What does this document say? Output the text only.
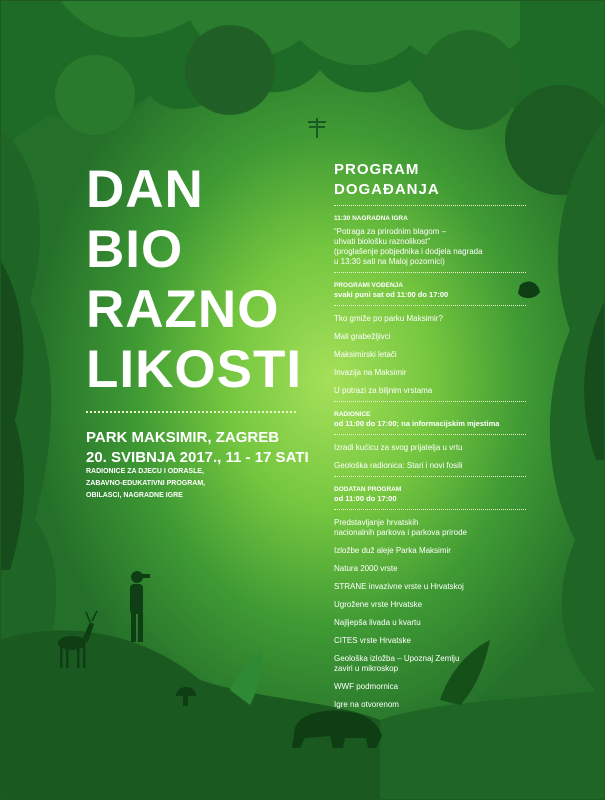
DAN
BIO
RAZNO
LIKOSTI
PARK MAKSIMIR, ZAGREB
20. SVIBNJA 2017., 11 - 17 SATI
RADIONICE ZA DJECU I ODRASLE,
ZABAVNO-EDUKATIVNI PROGRAM,
OBILASCI, NAGRADNE IGRE
PROGRAM
DOGAĐANJA
11:30 NAGRADNA IGRA
“Potraga za prirodnim blagom –
uhvati biološku raznolikost”
(proglašenje pobjednika i dodjela nagrada
u 13:30 sati na Maloj pozornici)
PROGRAMI VOĐENJA
svaki puni sat od 11:00 do 17:00
Tko gmiže po parku Maksimir?
Mali grabežljivci
Maksimirski letači
Invazija na Maksimir
U potrazi za biljnim vrstama
RADIONICE
od 11:00 do 17:00; na informacijskim mjestima
Izradi kućicu za svog prijatelja u vrtu
Geološka radionica: Stari i novi fosili
DODATAN PROGRAM
od 11:00 do 17:00
Predstavljanje hrvatskih
nacionalnih parkova i parkova prirode
Izložbe duž aleje Parka Maksimir
Natura 2000 vrste
STRANE invazivne vrste u Hrvatskoj
Ugrožene vrste Hrvatske
Najljepša livada u kvartu
CITES vrste Hrvatske
Geološka izložba – Upoznaj Zemlju
zaviri u mikroskop
WWF podmornica
Igre na otvorenom
